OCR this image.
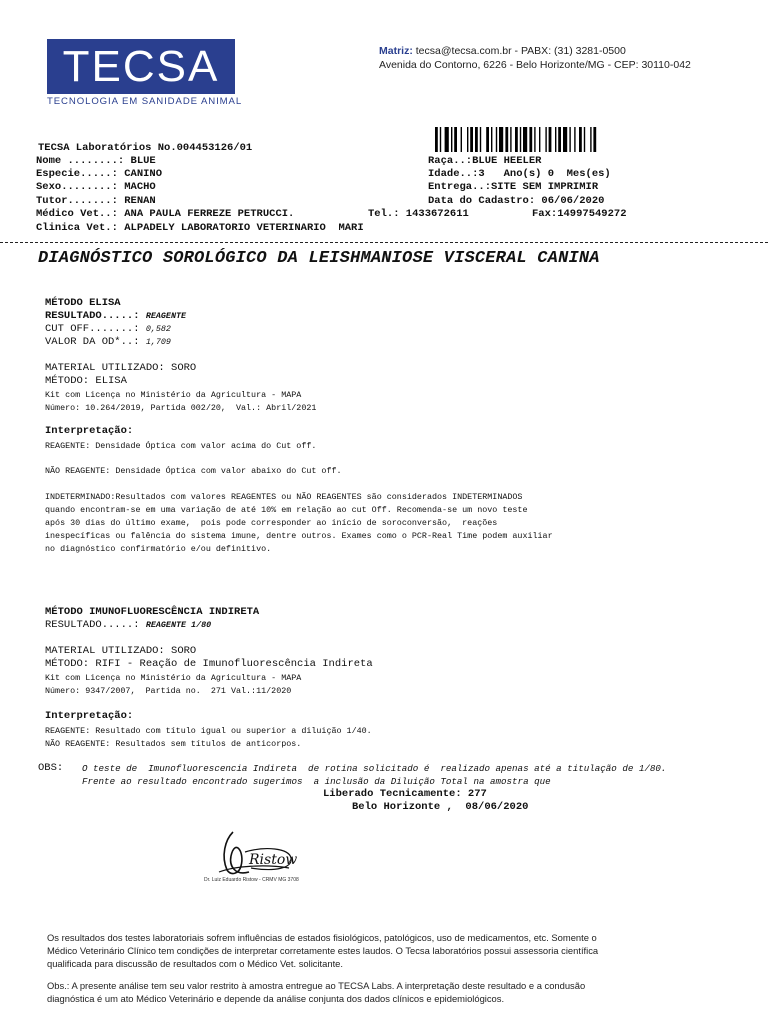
TECSA
TECNOLOGIA EM SANIDADE ANIMAL
Matriz: tecsa@tecsa.com.br - PABX: (31) 3281-0500
Avenida do Contorno, 6226 - Belo Horizonte/MG - CEP: 30110-042
TECSA Laboratórios No.004453126/01
Nome ........: BLUE
Especie.....: CANINO
Sexo........: MACHO
Tutor.......: RENAN
Médico Vet..: ANA PAULA FERREZE PETRUCCI.	Tel.: 1433672611	Fax:14997549272
Clinica Vet.: ALPADELY LABORATORIO VETERINARIO  MARI
Raça..:BLUE HEELER
Idade..:3   Ano(s) 0  Mes(es)
Entrega..:SITE SEM IMPRIMIR
Data do Cadastro: 06/06/2020
DIAGNÓSTICO SOROLÓGICO DA LEISHMANIOSE VISCERAL CANINA
MÉTODO ELISA
RESULTADO.....: REAGENTE
CUT OFF.......: 0,582
VALOR DA OD*..: 1,709
MATERIAL UTILIZADO: SORO
MÉTODO: ELISA
Kit com Licença no Ministério da Agricultura - MAPA
Número: 10.264/2019, Partida 002/20,  Val.: Abril/2021
Interpretação:
REAGENTE: Densidade Óptica com valor acima do Cut off.
NÃO REAGENTE: Densidade Óptica com valor abaixo do Cut off.
INDETERMINADO:Resultados com valores REAGENTES ou NÃO REAGENTES são considerados INDETERMINADOS
quando encontram-se em uma variação de até 10% em relação ao cut Off. Recomenda-se um novo teste
após 30 dias do último exame,  pois pode corresponder ao início de soroconversão,  reações
inespecíficas ou falência do sistema imune, dentre outros. Exames como o PCR-Real Time podem auxiliar
no diagnóstico confirmatório e/ou definitivo.
MÉTODO IMUNOFLUORESCÊNCIA INDIRETA
RESULTADO.....: REAGENTE 1/80
MATERIAL UTILIZADO: SORO
MÉTODO: RIFI - Reação de Imunofluorescência Indireta
Kit com Licença no Ministério da Agricultura - MAPA
Número: 9347/2007,  Partida no.  271 Val.:11/2020
Interpretação:
REAGENTE: Resultado com título igual ou superior a diluição 1/40.
NÃO REAGENTE: Resultados sem títulos de anticorpos.
OBS: O teste de  Imunofluorescencia Indireta  de rotina solicitado é  realizado apenas até a titulação de 1/80.
Frente ao resultado encontrado sugerimos  a inclusão da Diluição Total na amostra que
Liberado Tecnicamente: 277
Belo Horizonte ,  08/06/2020
Ristow
Dr. Luiz Eduardo Ristow - CRMV MG 3708
Os resultados dos testes laboratoriais sofrem influências de estados fisiológicos, patológicos, uso de medicamentos, etc. Somente o Médico Veterinário Clínico tem condições de interpretar corretamente estes laudos. O Tecsa laboratórios possui assessoria científica qualificada para discussão de resultados com o Médico Vet. solicitante.
Obs.: A presente análise tem seu valor restrito à amostra entregue ao TECSA Labs. A interpretação deste resultado e a condusão diagnóstica é um ato Médico Veterinário e depende da análise conjunta dos dados clínicos e epidemiológicos.
